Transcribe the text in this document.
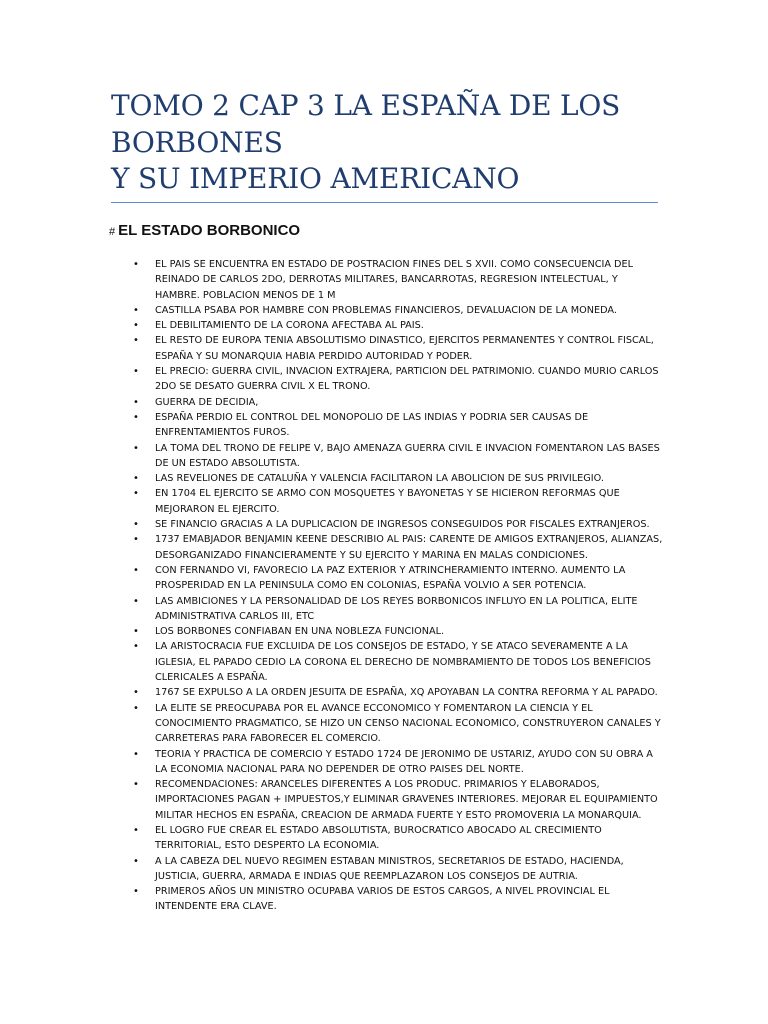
TOMO 2 CAP 3 LA ESPAÑA DE LOS
BORBONES
Y SU IMPERIO AMERICANO
# EL ESTADO BORBONICO
• EL PAIS SE ENCUENTRA EN ESTADO DE POSTRACION FINES DEL S XVII. COMO CONSECUENCIA DEL REINADO DE CARLOS 2DO, DERROTAS MILITARES, BANCARROTAS, REGRESION INTELECTUAL, Y HAMBRE. POBLACION MENOS DE 1 M
• CASTILLA PSABA POR HAMBRE CON PROBLEMAS FINANCIEROS, DEVALUACION DE LA MONEDA.
• EL DEBILITAMIENTO DE LA CORONA AFECTABA AL PAIS.
• EL RESTO DE EUROPA TENIA ABSOLUTISMO DINASTICO, EJERCITOS PERMANENTES Y CONTROL FISCAL, ESPAÑA Y SU MONARQUIA HABIA PERDIDO AUTORIDAD Y PODER.
• EL PRECIO: GUERRA CIVIL, INVACION EXTRAJERA, PARTICION DEL PATRIMONIO. CUANDO MURIO CARLOS 2DO SE DESATO GUERRA CIVIL X EL TRONO.
• GUERRA DE DECIDIA,
• ESPAÑA PERDIO EL CONTROL DEL MONOPOLIO DE LAS INDIAS Y PODRIA SER CAUSAS DE ENFRENTAMIENTOS FUROS.
• LA TOMA DEL TRONO DE FELIPE V, BAJO AMENAZA GUERRA CIVIL E INVACION FOMENTARON LAS BASES DE UN ESTADO ABSOLUTISTA.
• LAS REVELIONES DE CATALUÑA Y VALENCIA FACILITARON LA ABOLICION DE SUS PRIVILEGIO.
• EN 1704 EL EJERCITO SE ARMO CON MOSQUETES Y BAYONETAS Y SE HICIERON REFORMAS QUE MEJORARON EL EJERCITO.
• SE FINANCIO GRACIAS A LA DUPLICACION DE INGRESOS CONSEGUIDOS POR FISCALES EXTRANJEROS.
• 1737 EMABJADOR BENJAMIN KEENE DESCRIBIO AL PAIS: CARENTE DE AMIGOS EXTRANJEROS, ALIANZAS, DESORGANIZADO FINANCIERAMENTE Y SU EJERCITO Y MARINA EN MALAS CONDICIONES.
• CON FERNANDO VI, FAVORECIO LA PAZ EXTERIOR Y ATRINCHERAMIENTO INTERNO. AUMENTO LA PROSPERIDAD EN LA PENINSULA COMO EN COLONIAS, ESPAÑA VOLVIO A SER POTENCIA.
• LAS AMBICIONES Y LA PERSONALIDAD DE LOS REYES BORBONICOS INFLUYO EN LA POLITICA, ELITE ADMINISTRATIVA CARLOS III, ETC
• LOS BORBONES CONFIABAN EN UNA NOBLEZA FUNCIONAL.
• LA ARISTOCRACIA FUE EXCLUIDA DE LOS CONSEJOS DE ESTADO, Y SE ATACO SEVERAMENTE A LA IGLESIA, EL PAPADO CEDIO LA CORONA EL DERECHO DE NOMBRAMIENTO DE TODOS LOS BENEFICIOS CLERICALES A ESPAÑA.
• 1767 SE EXPULSO A LA ORDEN JESUITA DE ESPAÑA, XQ APOYABAN LA CONTRA REFORMA Y AL PAPADO.
• LA ELITE SE PREOCUPABA POR EL AVANCE ECCONOMICO Y FOMENTARON LA CIENCIA Y EL CONOCIMIENTO PRAGMATICO, SE HIZO UN CENSO NACIONAL ECONOMICO, CONSTRUYERON CANALES Y CARRETERAS PARA FABORECER EL COMERCIO.
• TEORIA Y PRACTICA DE COMERCIO Y ESTADO 1724 DE JERONIMO DE USTARIZ, AYUDO CON SU OBRA A LA ECONOMIA NACIONAL PARA NO DEPENDER DE OTRO PAISES DEL NORTE.
• RECOMENDACIONES: ARANCELES DIFERENTES A LOS PRODUC. PRIMARIOS Y ELABORADOS, IMPORTACIONES PAGAN + IMPUESTOS,Y ELIMINAR GRAVENES INTERIORES. MEJORAR EL EQUIPAMIENTO MILITAR HECHOS EN ESPAÑA, CREACION DE ARMADA FUERTE Y ESTO PROMOVERIA LA MONARQUIA.
• EL LOGRO FUE CREAR EL ESTADO ABSOLUTISTA, BUROCRATICO ABOCADO AL CRECIMIENTO TERRITORIAL, ESTO DESPERTO LA ECONOMIA.
• A LA CABEZA DEL NUEVO REGIMEN ESTABAN MINISTROS, SECRETARIOS DE ESTADO, HACIENDA, JUSTICIA, GUERRA, ARMADA E INDIAS QUE REEMPLAZARON LOS CONSEJOS DE AUTRIA.
• PRIMEROS AÑOS UN MINISTRO OCUPABA VARIOS DE ESTOS CARGOS, A NIVEL PROVINCIAL EL INTENDENTE ERA CLAVE.
